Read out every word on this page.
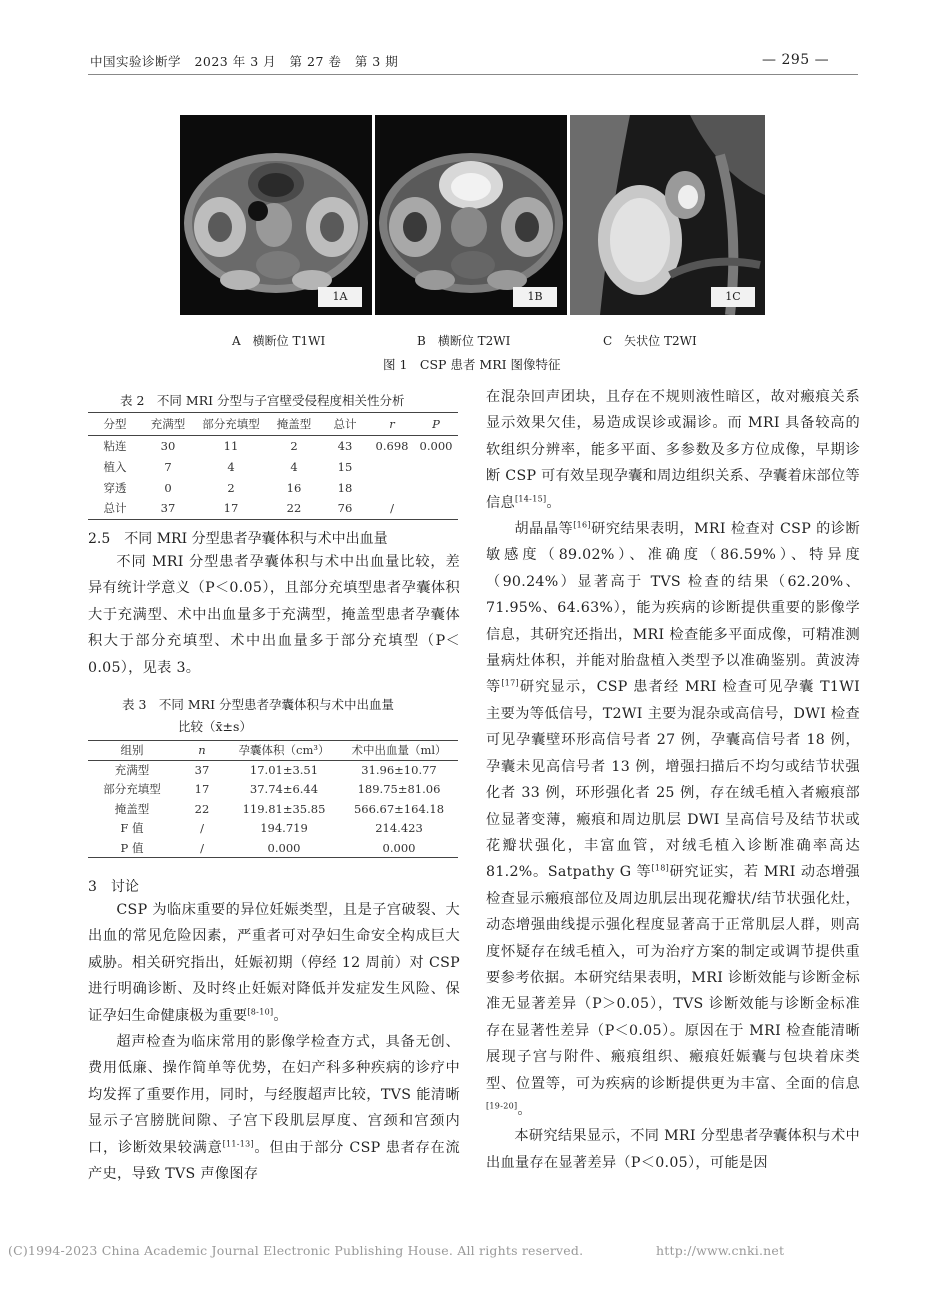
中国实验诊断学 2023 年 3 月 第 27 卷 第 3 期	— 295 —
1A	1B	1C
A　横断位 T1WI	B　横断位 T2WI	C　矢状位 T2WI
图 1　CSP 患者 MRI 图像特征
表 2　不同 MRI 分型与子宫壁受侵程度相关性分析
分型	充满型	部分充填型	掩盖型	总计	r	P
粘连	30	11	2	43	0.698	0.000
植入	7	4	4	15		
穿透	0	2	16	18		
总计	37	17	22	76	/	
2.5　不同 MRI 分型患者孕囊体积与术中出血量

不同 MRI 分型患者孕囊体积与术中出血量比较，差异有统计学意义（P＜0.05），且部分充填型患者孕囊体积大于充满型、术中出血量多于充满型，掩盖型患者孕囊体积大于部分充填型、术中出血量多于部分充填型（P＜0.05），见表 3。

表 3　不同 MRI 分型患者孕囊体积与术中出血量
比较（x̄±s）
组别	n	孕囊体积（cm³）	术中出血量（ml）
充满型	37	17.01±3.51	31.96±10.77
部分充填型	17	37.74±6.44	189.75±81.06
掩盖型	22	119.81±35.85	566.67±164.18
F 值	/	194.719	214.423
P 值	/	0.000	0.000
3　讨论

CSP 为临床重要的异位妊娠类型，且是子宫破裂、大出血的常见危险因素，严重者可对孕妇生命安全构成巨大威胁。相关研究指出，妊娠初期（停经 12 周前）对 CSP 进行明确诊断、及时终止妊娠对降低并发症发生风险、保证孕妇生命健康极为重要[8-10]。

超声检查为临床常用的影像学检查方式，具备无创、费用低廉、操作简单等优势，在妇产科多种疾病的诊疗中均发挥了重要作用，同时，与经腹超声比较，TVS 能清晰显示子宫膀胱间隙、子宫下段肌层厚度、宫颈和宫颈内口，诊断效果较满意[11-13]。但由于部分 CSP 患者存在流产史，导致 TVS 声像图存

在混杂回声团块，且存在不规则液性暗区，故对瘢痕关系显示效果欠佳，易造成误诊或漏诊。而 MRI 具备较高的软组织分辨率，能多平面、多参数及多方位成像，早期诊断 CSP 可有效呈现孕囊和周边组织关系、孕囊着床部位等信息[14-15]。

胡晶晶等[16]研究结果表明，MRI 检查对 CSP 的诊断敏感度（89.02%）、准确度（86.59%）、特异度（90.24%）显著高于 TVS 检查的结果（62.20%、71.95%、64.63%），能为疾病的诊断提供重要的影像学信息，其研究还指出，MRI 检查能多平面成像，可精准测量病灶体积，并能对胎盘植入类型予以准确鉴别。黄波涛等[17]研究显示，CSP 患者经 MRI 检查可见孕囊 T1WI 主要为等低信号，T2WI 主要为混杂或高信号，DWI 检查可见孕囊壁环形高信号者 27 例，孕囊高信号者 18 例，孕囊未见高信号者 13 例，增强扫描后不均匀或结节状强化者 33 例，环形强化者 25 例，存在绒毛植入者瘢痕部位显著变薄，瘢痕和周边肌层 DWI 呈高信号及结节状或花瓣状强化，丰富血管，对绒毛植入诊断准确率高达 81.2%。Satpathy G 等[18]研究证实，若 MRI 动态增强检查显示瘢痕部位及周边肌层出现花瓣状/结节状强化灶，动态增强曲线提示强化程度显著高于正常肌层人群，则高度怀疑存在绒毛植入，可为治疗方案的制定或调节提供重要参考依据。本研究结果表明，MRI 诊断效能与诊断金标准无显著差异（P＞0.05），TVS 诊断效能与诊断金标准存在显著性差异（P＜0.05）。原因在于 MRI 检查能清晰展现子宫与附件、瘢痕组织、瘢痕妊娠囊与包块着床类型、位置等，可为疾病的诊断提供更为丰富、全面的信息[19-20]。

本研究结果显示，不同 MRI 分型患者孕囊体积与术中出血量存在显著差异（P＜0.05），可能是因

(C)1994-2023 China Academic Journal Electronic Publishing House. All rights reserved.	http://www.cnki.net
